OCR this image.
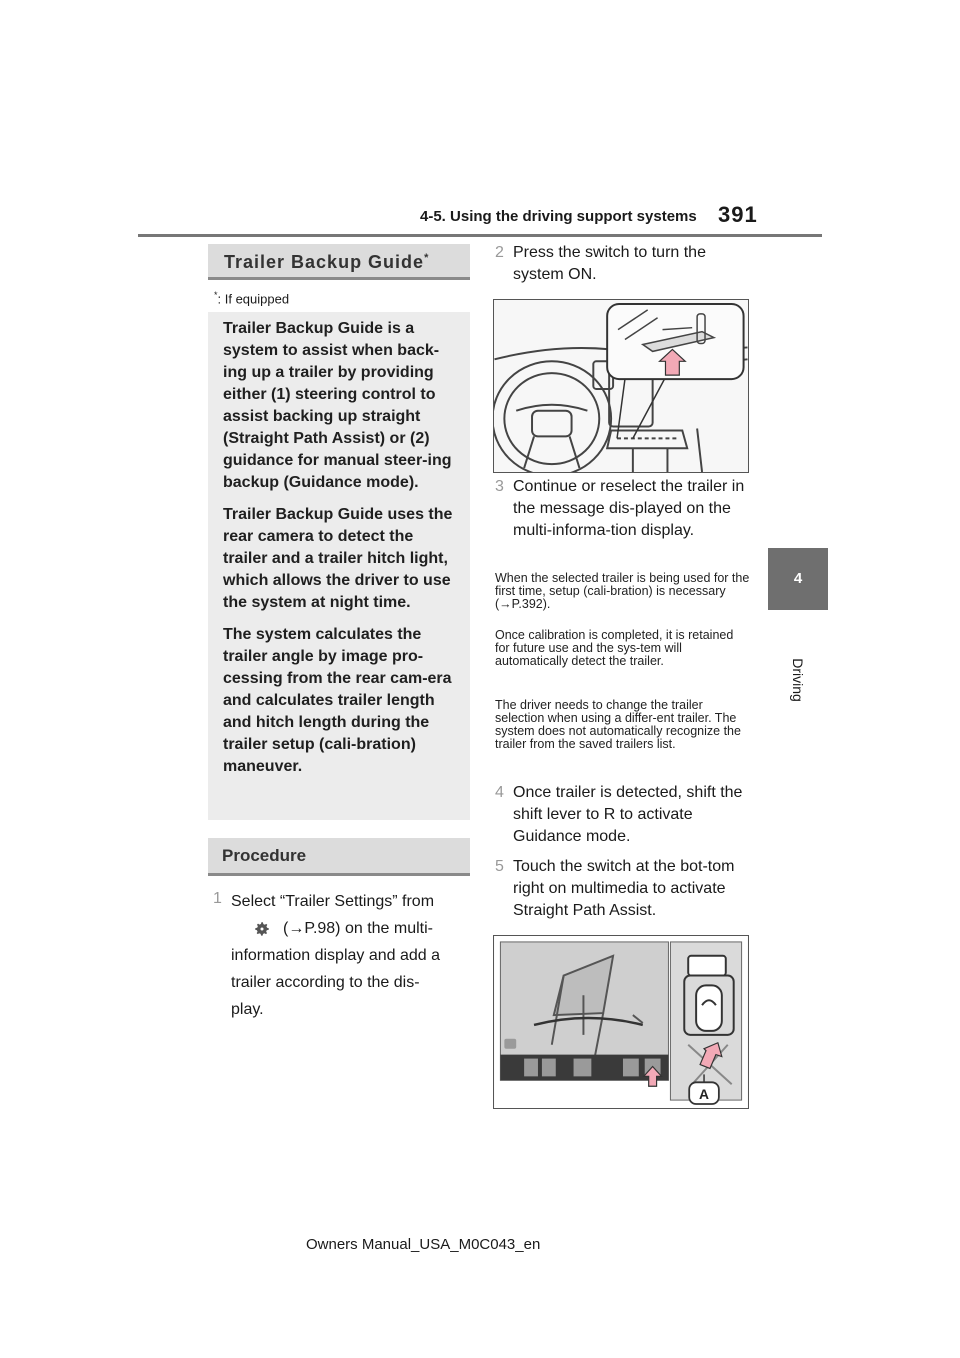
4-5. Using the driving support systems 391
4
Driving
Trailer Backup Guide*
*: If equipped

Trailer Backup Guide is a system to assist when back-ing up a trailer by providing either (1) steering control to assist backing up straight (Straight Path Assist) or (2) guidance for manual steer-ing backup (Guidance mode).

Trailer Backup Guide uses the rear camera to detect the trailer and a trailer hitch light, which allows the driver to use the system at night time.

The system calculates the trailer angle by image pro-cessing from the rear cam-era and calculates trailer length and hitch length during the trailer setup (cali-bration) maneuver.

Procedure
1 Select “Trailer Settings” from
(→P.98) on the multi-
information display and add a
trailer according to the dis-
play.
2 Press the switch to turn the system ON.
3 Continue or reselect the trailer in the message dis-played on the multi-informa-tion display.
When the selected trailer is being used for the first time, setup (cali-bration) is necessary (→P.392).
Once calibration is completed, it is retained for future use and the sys-tem will automatically detect the trailer.
The driver needs to change the trailer selection when using a differ-ent trailer. The system does not automatically recognize the trailer from the saved trailers list.
4 Once trailer is detected, shift the shift lever to R to activate Guidance mode.
5 Touch the switch at the bot-tom right on multimedia to activate Straight Path Assist.
A
Owners Manual_USA_M0C043_en
